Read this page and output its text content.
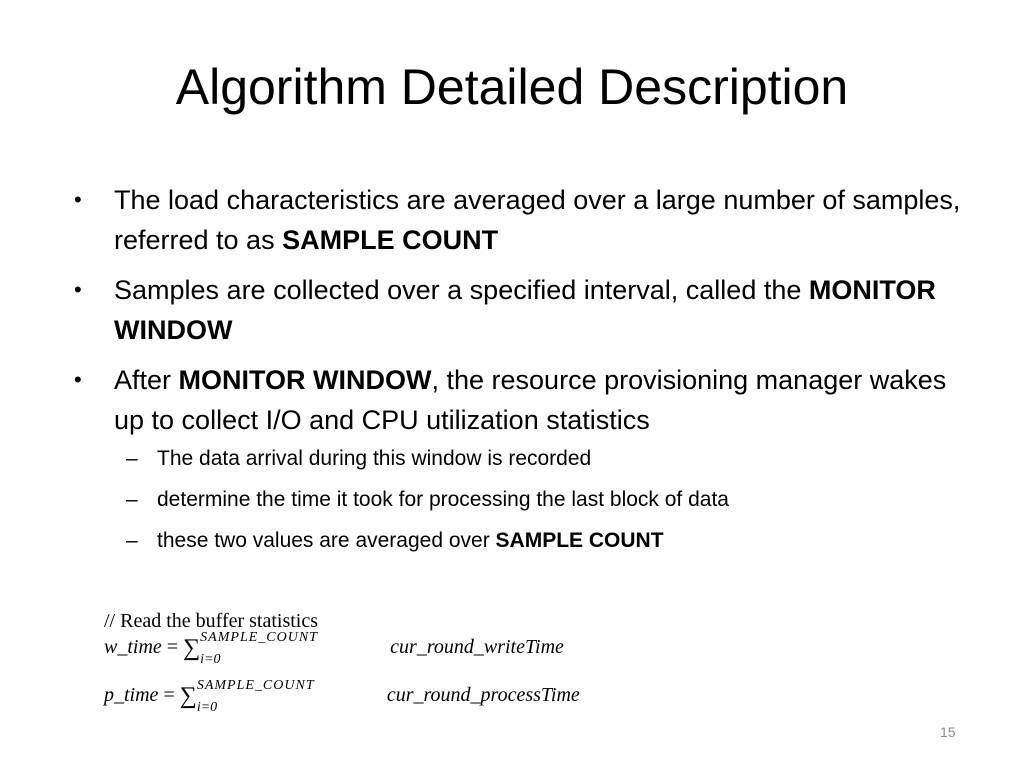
Algorithm Detailed Description
•	The load characteristics are averaged over a large number of samples, referred to as SAMPLE COUNT
•	Samples are collected over a specified interval, called the MONITOR WINDOW
•	After MONITOR WINDOW, the resource provisioning manager wakes up to collect I/O and CPU utilization statistics
– The data arrival during this window is recorded
– determine the time it took for processing the last block of data
– these two values are averaged over SAMPLE COUNT
// Read the buffer statistics
w_time = ∑ SAMPLE_COUNT
i=0
cur_round_writeTime
p_time = ∑ SAMPLE_COUNT
i=0
cur_round_processTime
15
